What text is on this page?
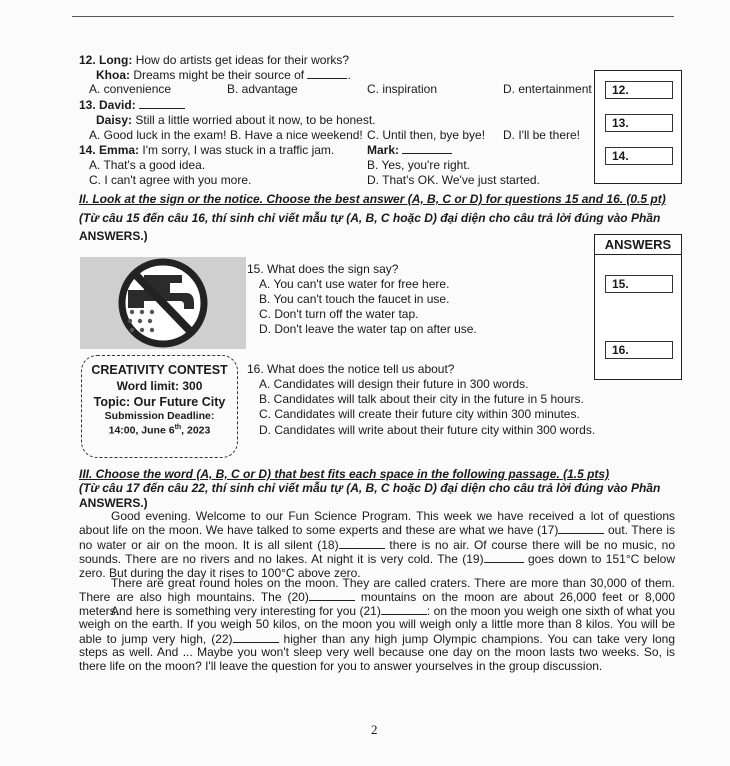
12. Long: How do artists get ideas for their works?
Khoa: Dreams might be their source of	.
A. convenience	B. advantage	C. inspiration	D. entertainment
13. David:
Daisy: Still a little worried about it now, to be honest.
A. Good luck in the exam! B. Have a nice weekend! C. Until then, bye bye! D. I'll be there!
14. Emma: I'm sorry, I was stuck in a traffic jam.	Mark:
A. That's a good idea.	B. Yes, you're right.
C. I can't agree with you more.	D. That's OK. We've just started.
12.
13.
14.
II. Look at the sign or the notice. Choose the best answer (A, B, C or D) for questions 15 and 16. (0.5 pt)
(Từ câu 15 đến câu 16, thí sinh chỉ viết mẫu tự (A, B, C hoặc D) đại diện cho câu trả lời đúng vào Phần
ANSWERS.)
ANSWERS
15.
16.
15. What does the sign say?
A. You can't use water for free here.
B. You can't touch the faucet in use.
C. Don't turn off the water tap.
D. Don't leave the water tap on after use.
CREATIVITY CONTEST
Word limit: 300
Topic: Our Future City
Submission Deadline:
14:00, June 6th, 2023
16. What does the notice tell us about?
A. Candidates will design their future in 300 words.
B. Candidates will talk about their city in the future in 5 hours.
C. Candidates will create their future city within 300 minutes.
D. Candidates will write about their future city within 300 words.
III. Choose the word (A, B, C or D) that best fits each space in the following passage. (1.5 pts)
(Từ câu 17 đến câu 22, thí sinh chỉ viết mẫu tự (A, B, C hoặc D) đại diện cho câu trả lời đúng vào Phần
ANSWERS.)
Good evening. Welcome to our Fun Science Program. This week we have received a lot of questions about life on the moon. We have talked to some experts and these are what we have (17)	out. There is no water or air on the moon. It is all silent (18)	there is no air. Of course there will be no music, no sounds. There are no rivers and no lakes. At night it is very cold. The (19)	goes down to 151°C below zero. But during the day it rises to 100°C above zero.
There are great round holes on the moon. They are called craters. There are more than 30,000 of them. There are also high mountains. The (20)	mountains on the moon are about 26,000 feet or 8,000 meters.
And here is something very interesting for you (21)	: on the moon you weigh one sixth of what you weigh on the earth. If you weigh 50 kilos, on the moon you will weigh only a little more than 8 kilos. You will be able to jump very high, (22)	higher than any high jump Olympic champions. You can take very long steps as well. And ... Maybe you won't sleep very well because one day on the moon lasts two weeks. So, is there life on the moon? I'll leave the question for you to answer yourselves in the group discussion.
2
